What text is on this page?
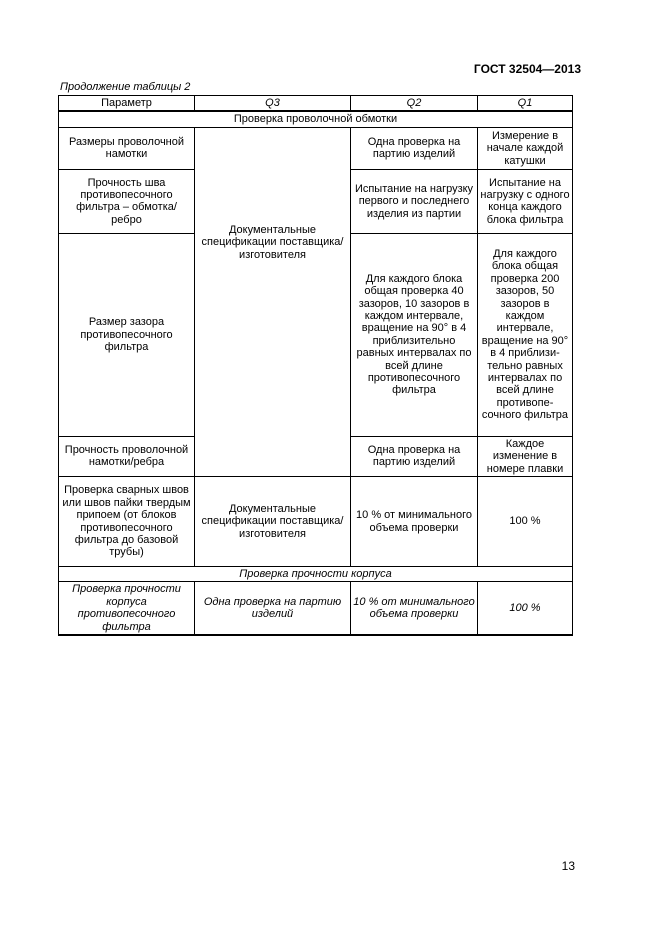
ГОСТ 32504—2013
Продолжение таблицы 2
Параметр	Q3	Q2	Q1
Проверка проволочной обмотки			
Размеры проволочной намотки	Документальные спецификации поставщика/изготовителя	Одна проверка на партию изделий	Измерение в начале каждой катушки
Прочность шва противопесочного фильтра – обмотка/ребро		Испытание на нагрузку первого и последнего изделия из партии	Испытание на нагрузку с одного конца каждого блока фильтра
Размер зазора противопесочного фильтра		Для каждого блока общая проверка 40 зазоров, 10 зазоров в каждом интервале, вращение на 90° в 4 приблизительно равных интервалах по всей длине противопесочного фильтра	Для каждого блока общая проверка 200 зазоров, 50 зазоров в каждом интервале, вращение на 90° в 4 приблизительно равных интервалах по всей длине противопесочного фильтра
Прочность проволочной намотки/ребра		Одна проверка на партию изделий	Каждое изменение в номере плавки
Проверка сварных швов или швов пайки твердым припоем (от блоков противопесочного фильтра до базовой трубы)	Документальные спецификации поставщика/изготовителя	10 % от минимального объема проверки	100 %
Проверка прочности корпуса			
Проверка прочности корпуса противопесочного фильтра	Одна проверка на партию изделий	10 % от минимального объема проверки	100 %
13
